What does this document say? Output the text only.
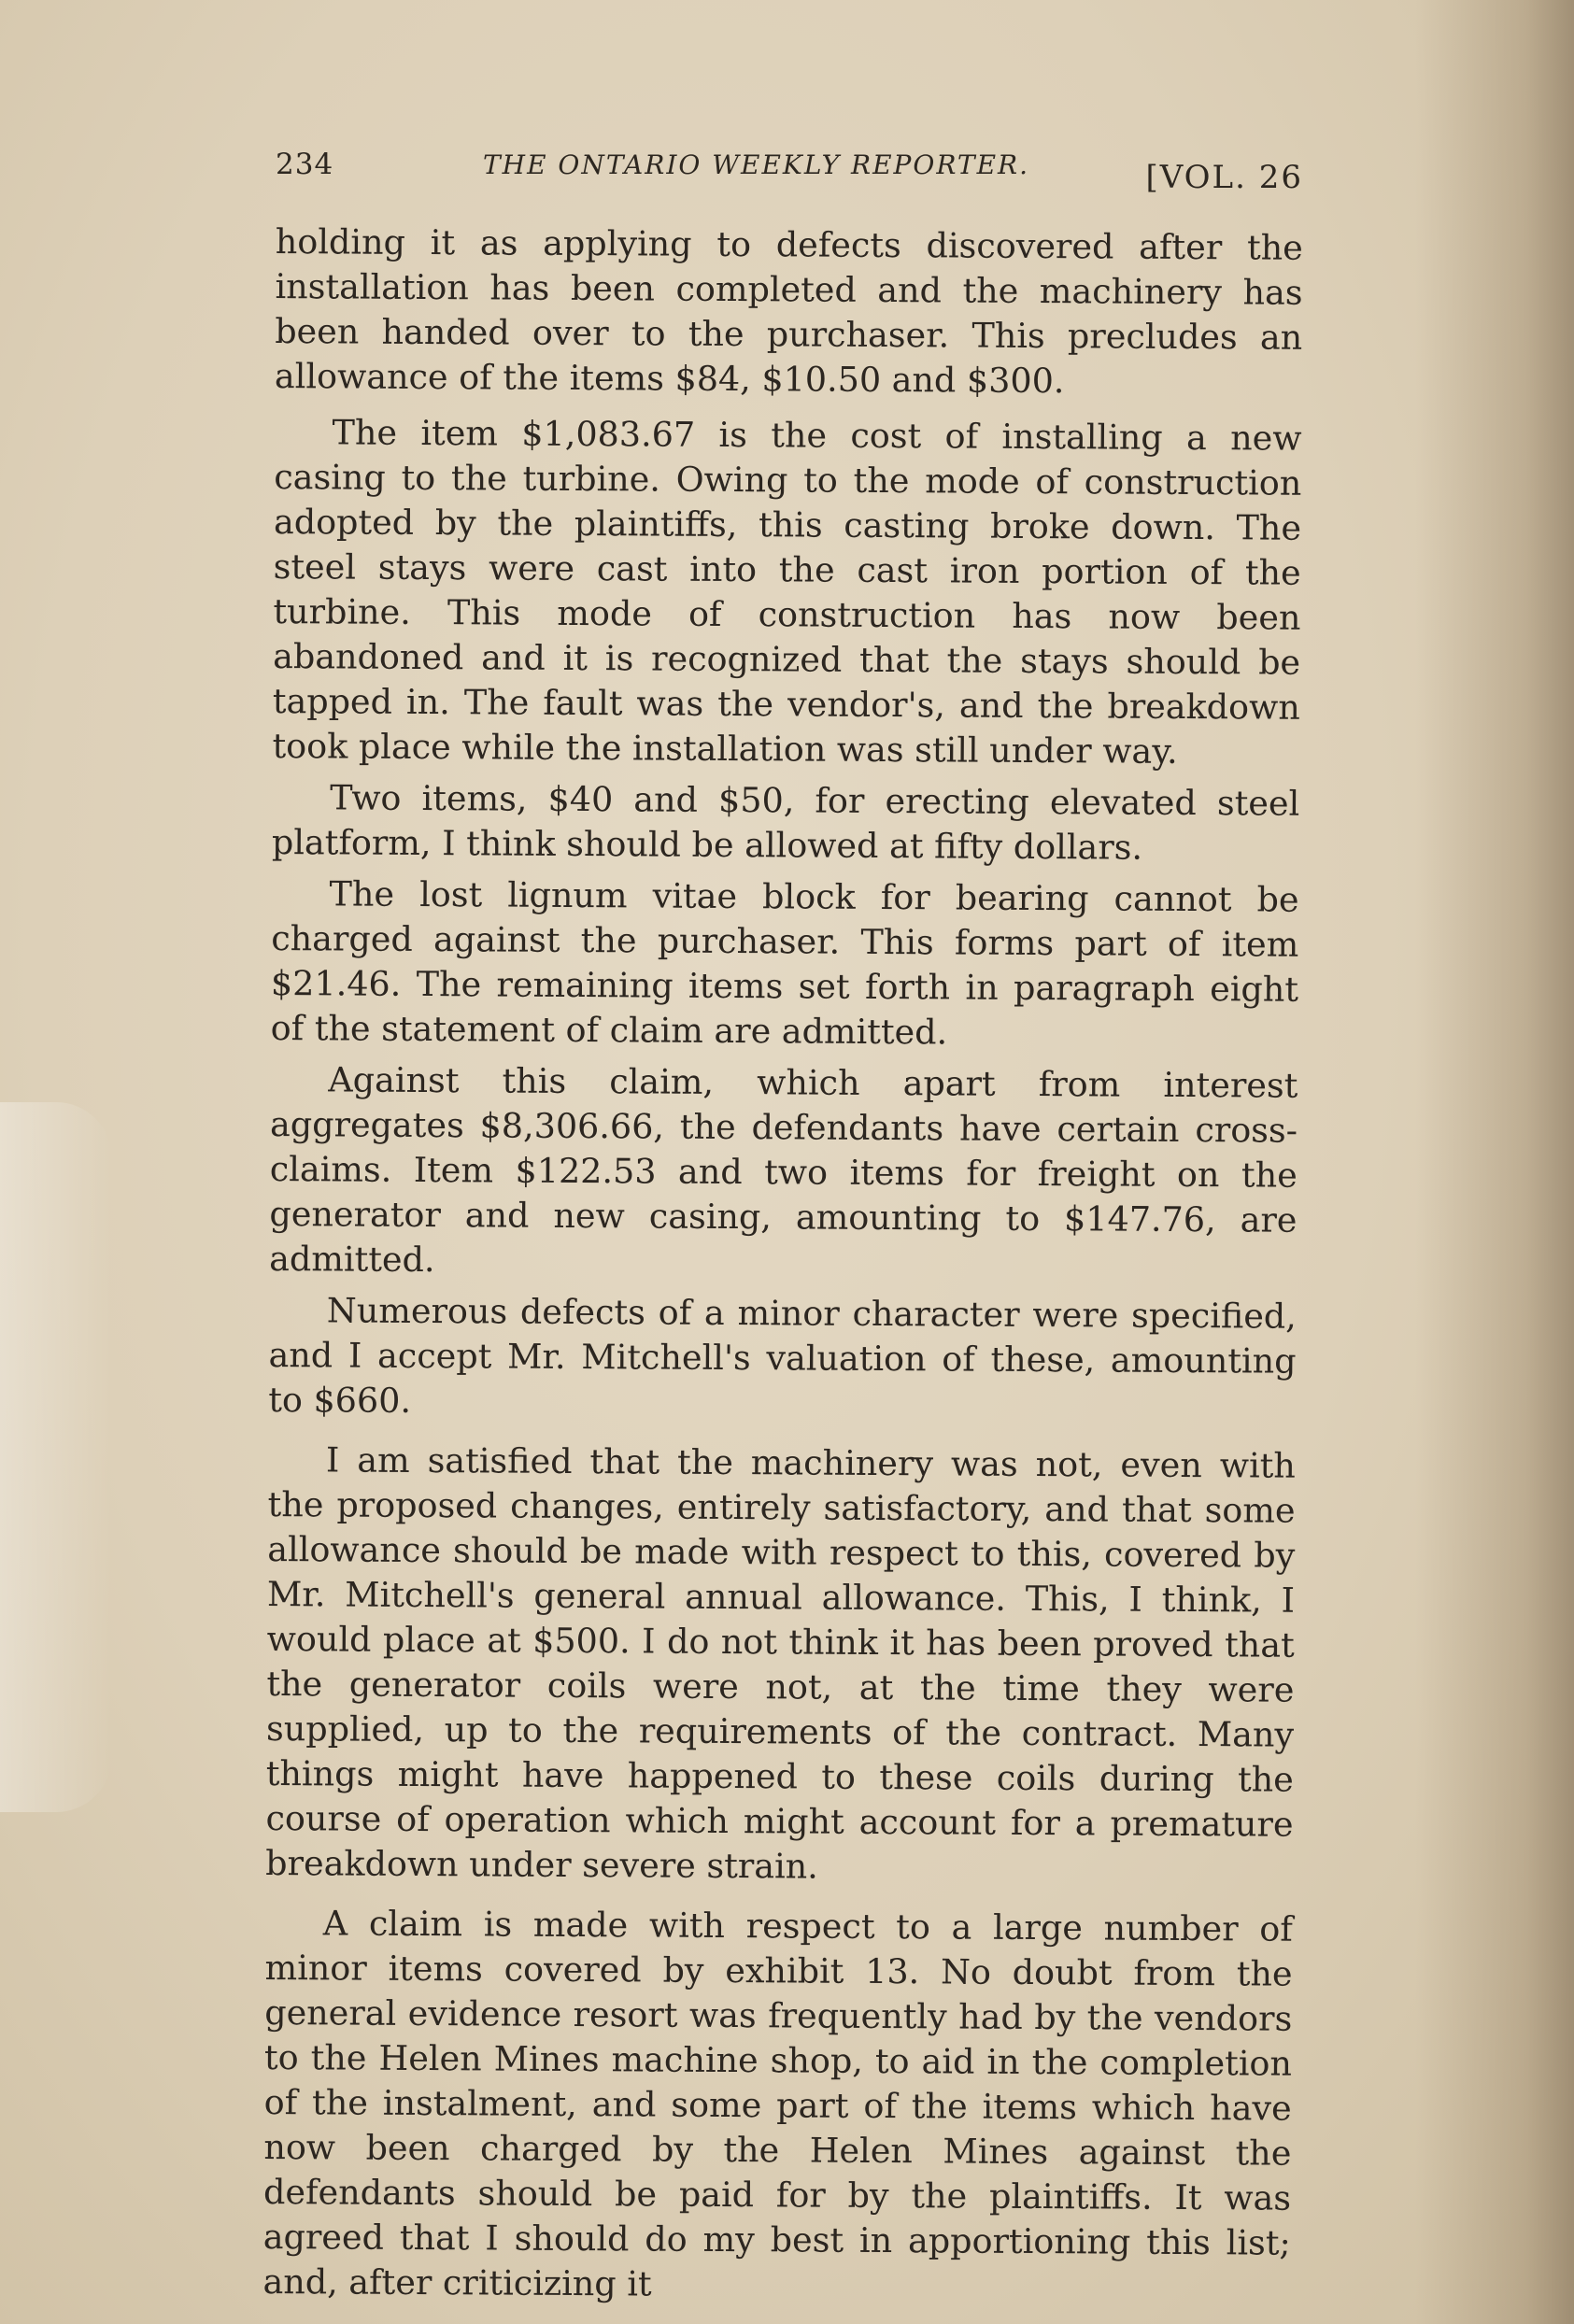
234	THE ONTARIO WEEKLY REPORTER.	[VOL. 26

holding it as applying to defects discovered after the installation has been completed and the machinery has been handed over to the purchaser. This precludes an allowance of the items $84, $10.50 and $300.

The item $1,083.67 is the cost of installing a new casing to the turbine. Owing to the mode of construction adopted by the plaintiffs, this casting broke down. The steel stays were cast into the cast iron portion of the turbine. This mode of construction has now been abandoned and it is recognized that the stays should be tapped in. The fault was the vendor's, and the breakdown took place while the installation was still under way.

Two items, $40 and $50, for erecting elevated steel platform, I think should be allowed at fifty dollars.

The lost lignum vitae block for bearing cannot be charged against the purchaser. This forms part of item $21.46. The remaining items set forth in paragraph eight of the statement of claim are admitted.

Against this claim, which apart from interest aggregates $8,306.66, the defendants have certain cross-claims. Item $122.53 and two items for freight on the generator and new casing, amounting to $147.76, are admitted.

Numerous defects of a minor character were specified, and I accept Mr. Mitchell's valuation of these, amounting to $660.

I am satisfied that the machinery was not, even with the proposed changes, entirely satisfactory, and that some allowance should be made with respect to this, covered by Mr. Mitchell's general annual allowance. This, I think, I would place at $500. I do not think it has been proved that the generator coils were not, at the time they were supplied, up to the requirements of the contract. Many things might have happened to these coils during the course of operation which might account for a premature breakdown under severe strain.

A claim is made with respect to a large number of minor items covered by exhibit 13. No doubt from the general evidence resort was frequently had by the vendors to the Helen Mines machine shop, to aid in the completion of the instalment, and some part of the items which have now been charged by the Helen Mines against the defendants should be paid for by the plaintiffs. It was agreed that I should do my best in apportioning this list; and, after criticizing it
